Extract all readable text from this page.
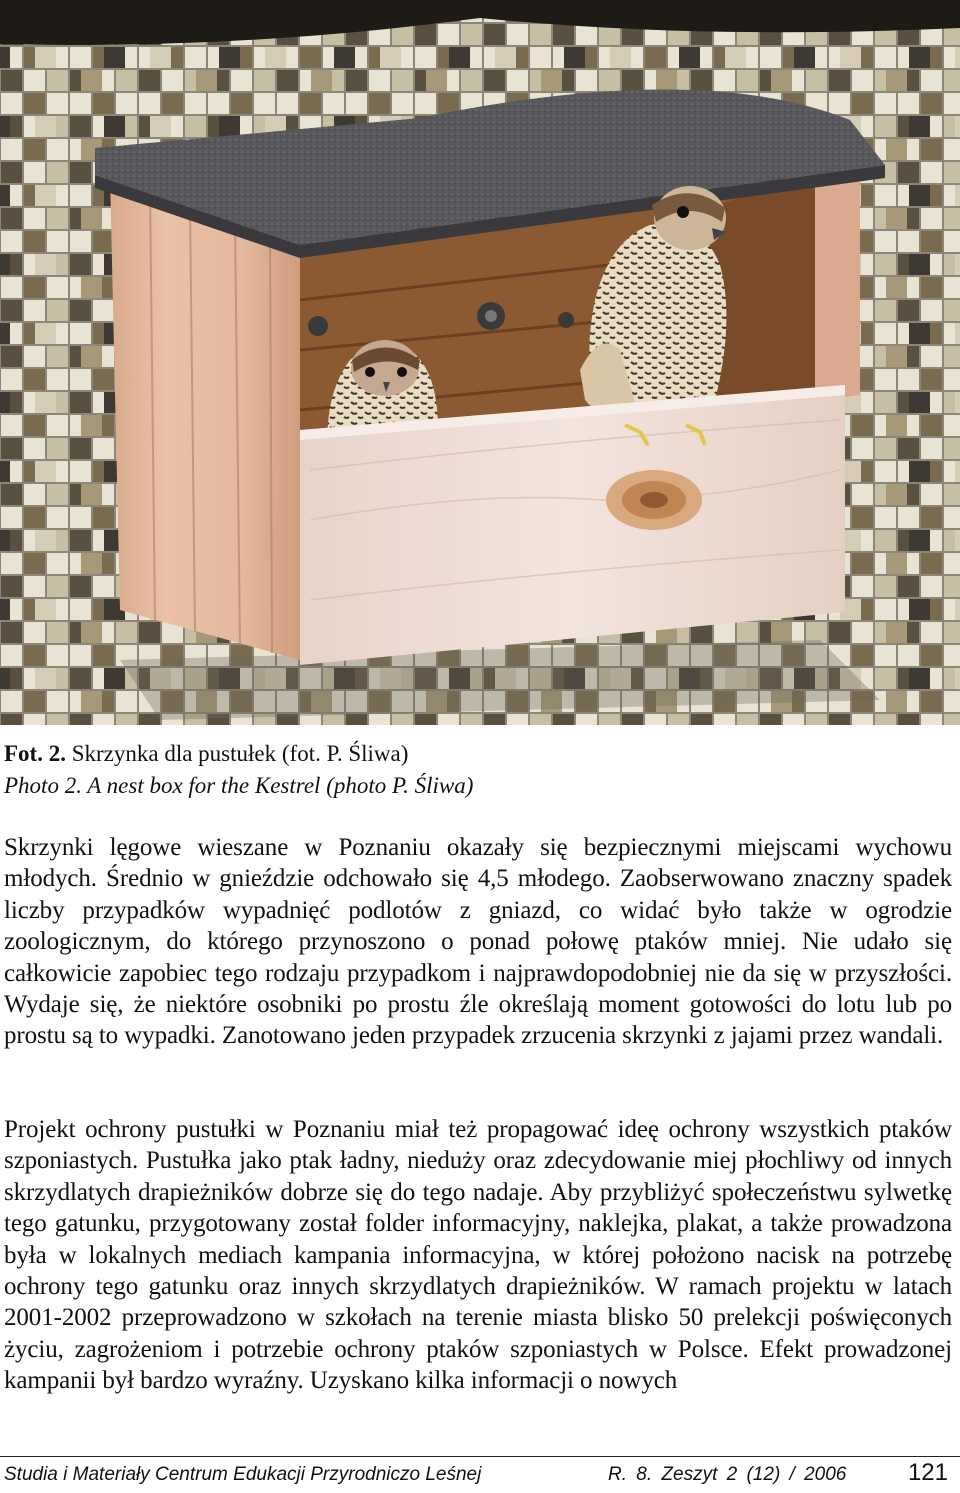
Fot. 2. Skrzynka dla pustułek (fot. P. Śliwa)
Photo 2. A nest box for the Kestrel (photo P. Śliwa)

Skrzynki lęgowe wieszane w Poznaniu okazały się bezpiecznymi miejscami wychowu młodych. Średnio w gnieździe odchowało się 4,5 młodego. Zaobserwowano znaczny spadek liczby przypadków wypadnięć podlotów z gniazd, co widać było także w ogrodzie zoologicznym, do którego przynoszono o ponad połowę ptaków mniej. Nie udało się całkowicie zapobiec tego rodzaju przypadkom i najprawdopodobniej nie da się w przyszłości. Wydaje się, że niektóre osobniki po prostu źle określają moment gotowości do lotu lub po prostu są to wypadki. Zanotowano jeden przypadek zrzucenia skrzynki z jajami przez wandali.

Projekt ochrony pustułki w Poznaniu miał też propagować ideę ochrony wszystkich ptaków szponiastych. Pustułka jako ptak ładny, nieduży oraz zdecydowanie miej płochliwy od innych skrzydlatych drapieżników dobrze się do tego nadaje. Aby przybliżyć społeczeństwu sylwetkę tego gatunku, przygotowany został folder informacyjny, naklejka, plakat, a także prowadzona była w lokalnych mediach kampania informacyjna, w której położono nacisk na potrzebę ochrony tego gatunku oraz innych skrzydlatych drapieżników. W ramach projektu w latach 2001-2002 przeprowadzono w szkołach na terenie miasta blisko 50 prelekcji poświęconych życiu, zagrożeniom i potrzebie ochrony ptaków szponiastych w Polsce. Efekt prowadzonej kampanii był bardzo wyraźny. Uzyskano kilka informacji o nowych

Studia i Materiały Centrum Edukacji Przyrodniczo Leśnej	R. 8. Zeszyt 2 (12) / 2006	121
